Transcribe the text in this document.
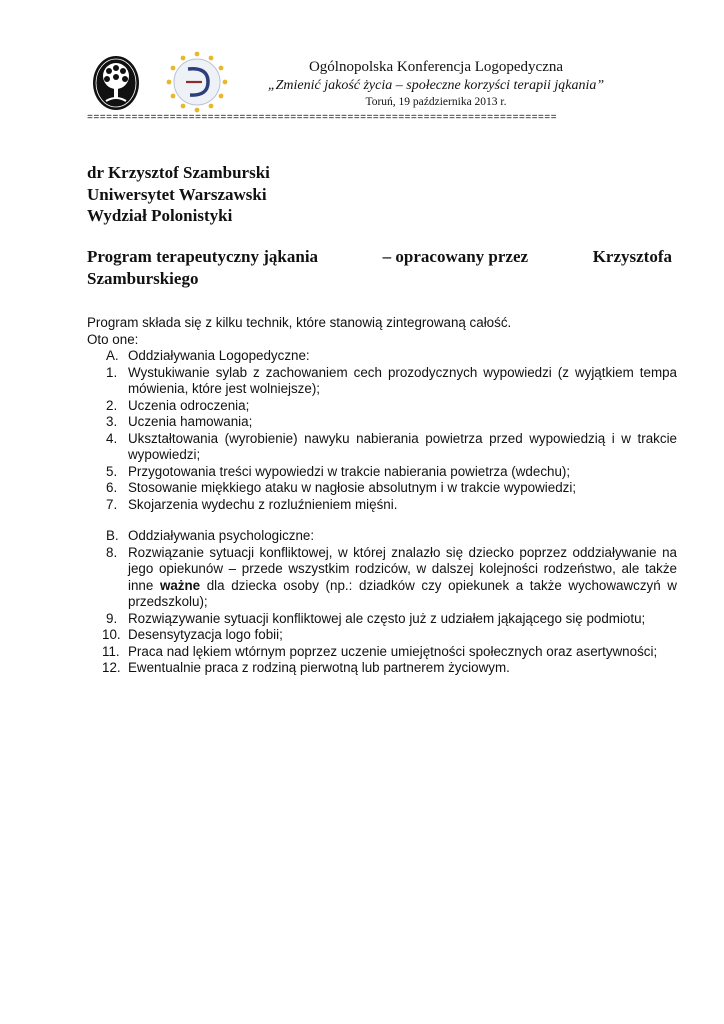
Ogólnopolska Konferencja Logopedyczna
„Zmienić jakość życia – społeczne korzyści terapii jąkania”
Toruń, 19 października 2013 r.
==========================================================================
dr Krzysztof Szamburski
Uniwersytet Warszawski
Wydział Polonistyki
Program terapeutyczny jąkania	– opracowany przez	Krzysztofa
Szamburskiego

Program składa się z kilku technik, które stanowią zintegrowaną całość.

Oto one:

A. Oddziaływania Logopedyczne:
1. Wystukiwanie sylab z zachowaniem cech prozodycznych wypowiedzi (z wyjątkiem tempa mówienia, które jest wolniejsze);
2. Uczenia odroczenia;
3. Uczenia hamowania;
4. Ukształtowania (wyrobienie) nawyku nabierania powietrza przed wypowiedzią i w trakcie wypowiedzi;
5. Przygotowania treści wypowiedzi w trakcie nabierania powietrza (wdechu);
6. Stosowanie miękkiego ataku w nagłosie absolutnym i w trakcie wypowiedzi;
7. Skojarzenia wydechu z rozluźnieniem mięśni.
B. Oddziaływania psychologiczne:
8. Rozwiązanie sytuacji konfliktowej, w której znalazło się dziecko poprzez oddziaływanie na jego opiekunów – przede wszystkim rodziców, w dalszej kolejności rodzeństwo, ale także inne ważne dla dziecka osoby (np.: dziadków czy opiekunek a także wychowawczyń w przedszkolu);
9. Rozwiązywanie sytuacji konfliktowej ale często już z udziałem jąkającego się podmiotu;
10. Desensytyzacja logo fobii;
11. Praca nad lękiem wtórnym poprzez uczenie umiejętności społecznych oraz asertywności;
12. Ewentualnie praca z rodziną pierwotną lub partnerem życiowym.
